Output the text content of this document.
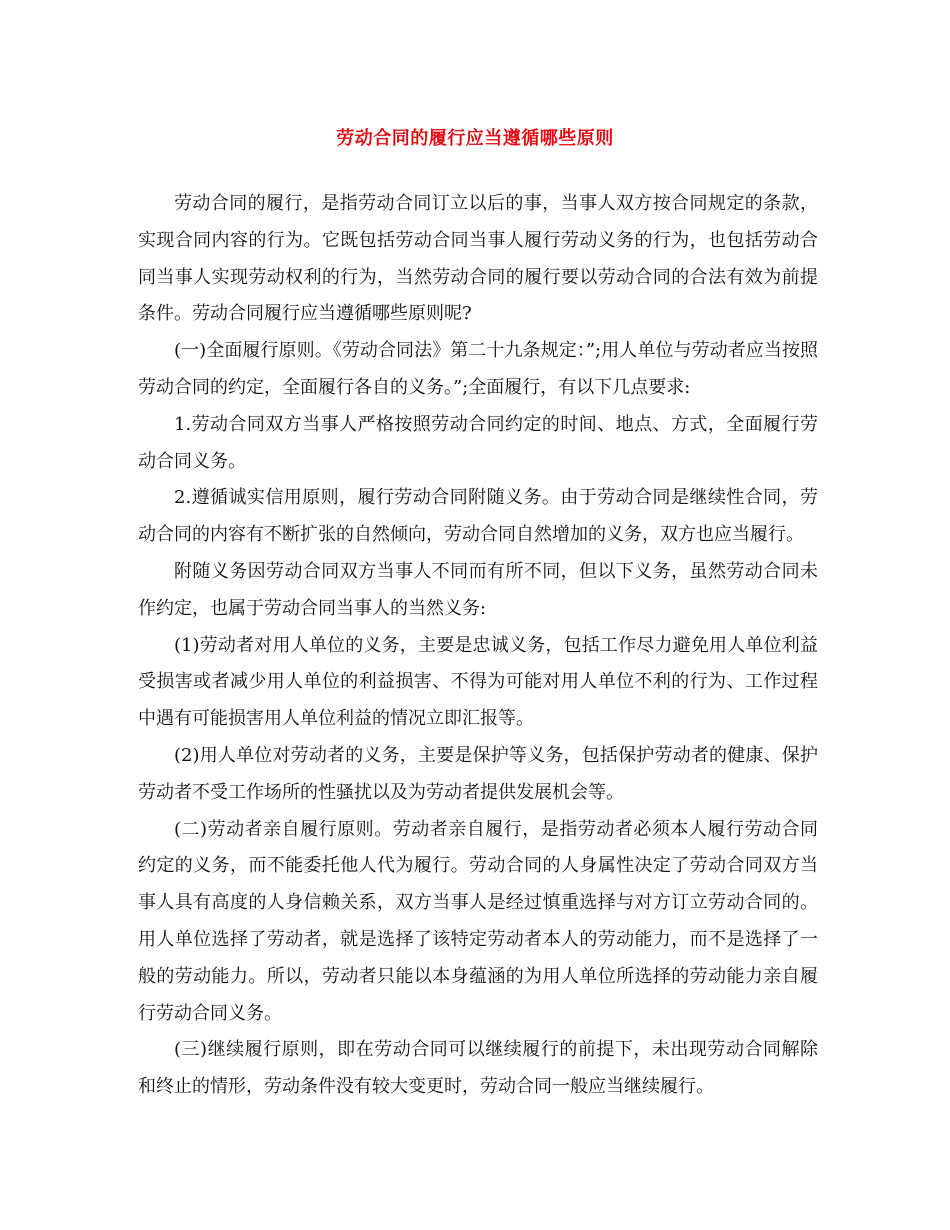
劳动合同的履行应当遵循哪些原则

劳动合同的履行，是指劳动合同订立以后的事，当事人双方按合同规定的条款，实现合同内容的行为。它既包括劳动合同当事人履行劳动义务的行为，也包括劳动合同当事人实现劳动权利的行为，当然劳动合同的履行要以劳动合同的合法有效为前提条件。劳动合同履行应当遵循哪些原则呢?

(一)全面履行原则。《劳动合同法》第二十九条规定：”;用人单位与劳动者应当按照劳动合同的约定，全面履行各自的义务。”;全面履行，有以下几点要求:

1.劳动合同双方当事人严格按照劳动合同约定的时间、地点、方式，全面履行劳动合同义务。

2.遵循诚实信用原则，履行劳动合同附随义务。由于劳动合同是继续性合同，劳动合同的内容有不断扩张的自然倾向，劳动合同自然增加的义务，双方也应当履行。

附随义务因劳动合同双方当事人不同而有所不同，但以下义务，虽然劳动合同未作约定，也属于劳动合同当事人的当然义务:

(1)劳动者对用人单位的义务，主要是忠诚义务，包括工作尽力避免用人单位利益受损害或者减少用人单位的利益损害、不得为可能对用人单位不利的行为、工作过程中遇有可能损害用人单位利益的情况立即汇报等。

(2)用人单位对劳动者的义务，主要是保护等义务，包括保护劳动者的健康、保护劳动者不受工作场所的性骚扰以及为劳动者提供发展机会等。

(二)劳动者亲自履行原则。劳动者亲自履行，是指劳动者必须本人履行劳动合同约定的义务，而不能委托他人代为履行。劳动合同的人身属性决定了劳动合同双方当事人具有高度的人身信赖关系，双方当事人是经过慎重选择与对方订立劳动合同的。用人单位选择了劳动者，就是选择了该特定劳动者本人的劳动能力，而不是选择了一般的劳动能力。所以，劳动者只能以本身蕴涵的为用人单位所选择的劳动能力亲自履行劳动合同义务。

(三)继续履行原则，即在劳动合同可以继续履行的前提下，未出现劳动合同解除和终止的情形，劳动条件没有较大变更时，劳动合同一般应当继续履行。
